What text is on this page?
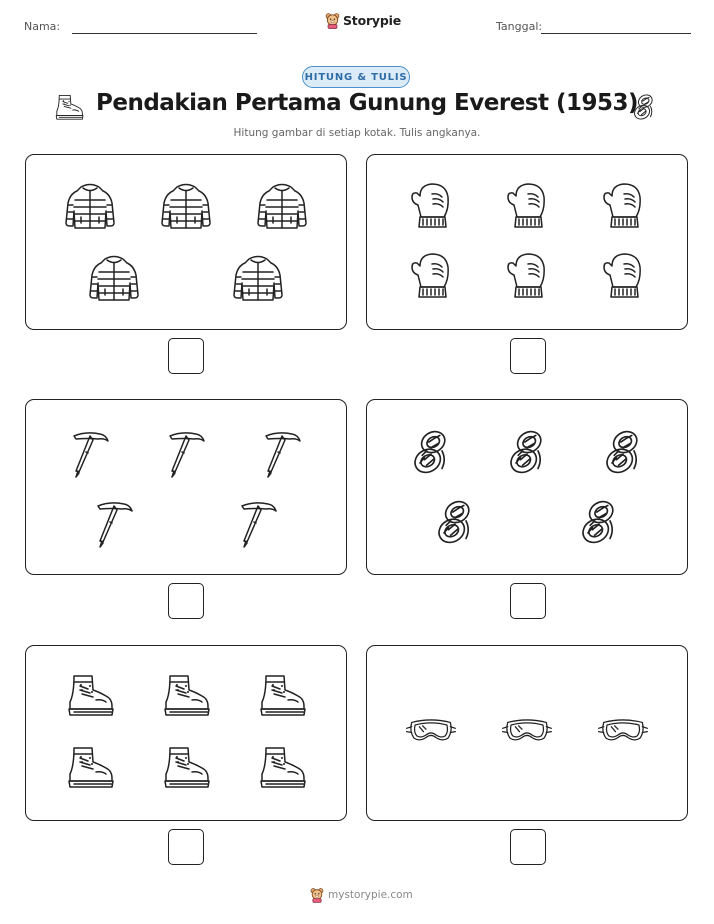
Nama:	Storypie	Tanggal:
HITUNG & TULIS
Pendakian Pertama Gunung Everest (1953)
Hitung gambar di setiap kotak. Tulis angkanya.
mystorypie.com
